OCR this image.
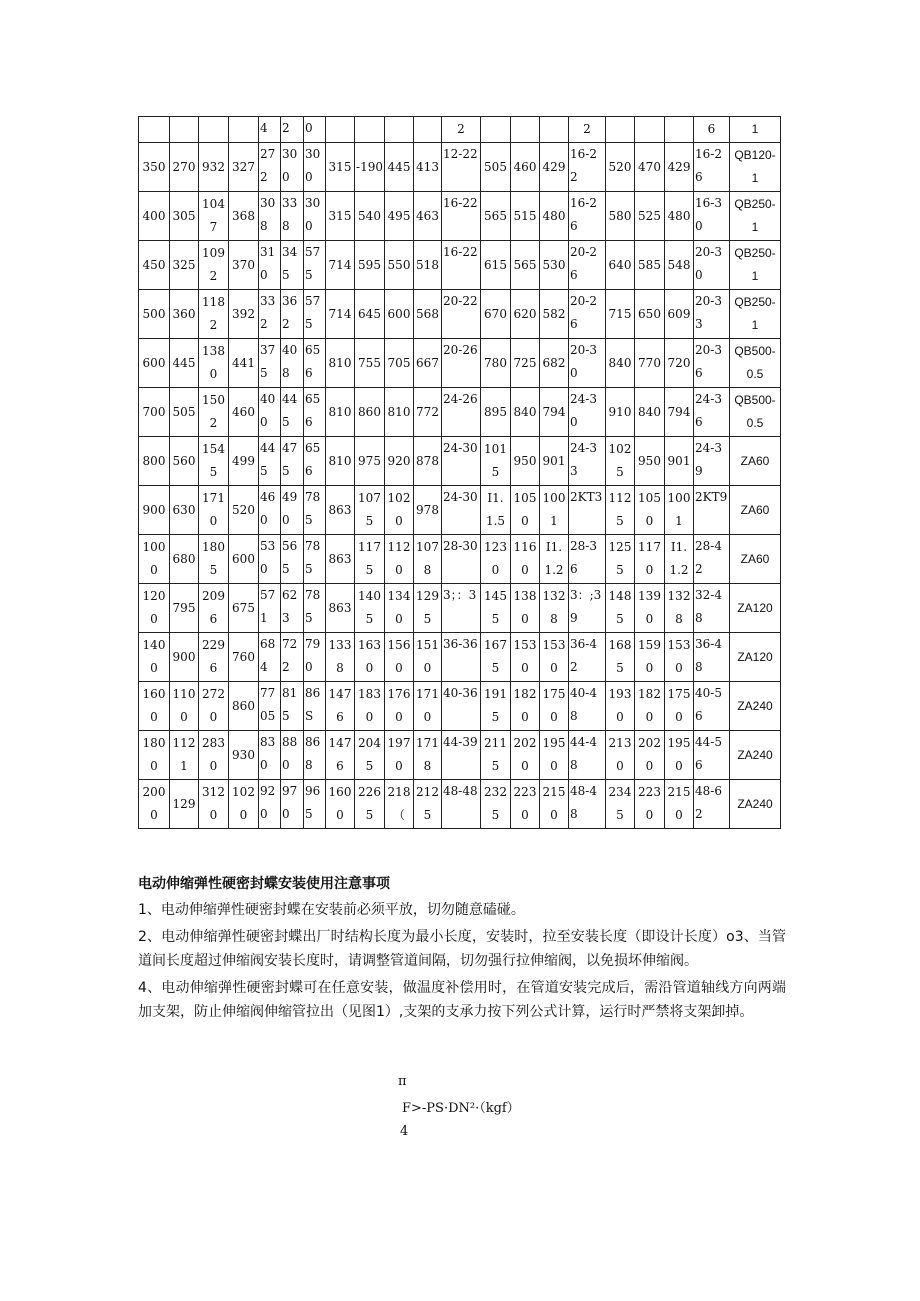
				4	2	0					2				2				6	1
350	270	932	327	272	300	300	315	-190	445	413	12-22	505	460	429	16-22	520	470	429	16-26	QB120-1
400	305	1047	368	308	338	300	315	540	495	463	16-22	565	515	480	16-26	580	525	480	16-30	QB250-1
450	325	1092	370	310	345	575	714	595	550	518	16-22	615	565	530	20-26	640	585	548	20-30	QB250-1
500	360	1182	392	332	362	575	714	645	600	568	20-22	670	620	582	20-26	715	650	609	20-33	QB250-1
600	445	1380	441	375	408	656	810	755	705	667	20-26	780	725	682	20-30	840	770	720	20-36	QB500-0.5
700	505	1502	460	400	445	656	810	860	810	772	24-26	895	840	794	24-30	910	840	794	24-36	QB500-0.5
800	560	1545	499	445	475	656	810	975	920	878	24-30	1015	950	901	24-33	1025	950	901	24-39	ZA60
900	630	1710	520	460	490	785	863	1075	1020	978	24-30	I1.1.5	1050	1001	2KT3	1125	1050	1001	2KT9	ZA60
1000	680	1805	600	530	565	785	863	1175	1120	1078	28-30	1230	1160	I1.1.2	28-36	1255	1170	I1.1.2	28-42	ZA60
1200	795	2096	675	571	623	785	863	1405	1340	1295	3；：3	1455	1380	1328	3：;39	1485	1390	1328	32-48	ZA120
1400	900	2296	760	684	722	790	1338	1630	1560	1510	36-36	1675	1530	1530	36-42	1685	1590	1530	36-48	ZA120
1600	1100	2720	860	7705	815	86S	1476	1830	1760	1710	40-36	1915	1820	1750	40-48	1930	1820	1750	40-56	ZA240
1800	1121	2830	930	830	880	868	1476	2045	1970	1718	44-39	2115	2020	1950	44-48	2130	2020	1950	44-56	ZA240
2000	129	3120	1020	920	970	965	1600	2265	218（	2125	48-48	2325	2230	2150	48-48	2345	2230	2150	48-62	ZA240
电动伸缩弹性硬密封蝶安装使用注意事项

1、电动伸缩弹性硬密封蝶在安装前必须平放，切勿随意磕碰。

2、电动伸缩弹性硬密封蝶出厂时结构长度为最小长度，安装时，拉至安装长度（即设计长度）o3、当管道间长度超过伸缩阀安装长度时，请调整管道间隔，切勿强行拉伸缩阀，以免损坏伸缩阀。

4、电动伸缩弹性硬密封蝶可在任意安装，做温度补偿用时，在管道安装完成后，需沿管道轴线方向两端加支架，防止伸缩阀伸缩管拉出（见图1）,支架的支承力按下列公式计算，运行时严禁将支架卸掉。

π
F>-PS·DN²·（kgf）
4
